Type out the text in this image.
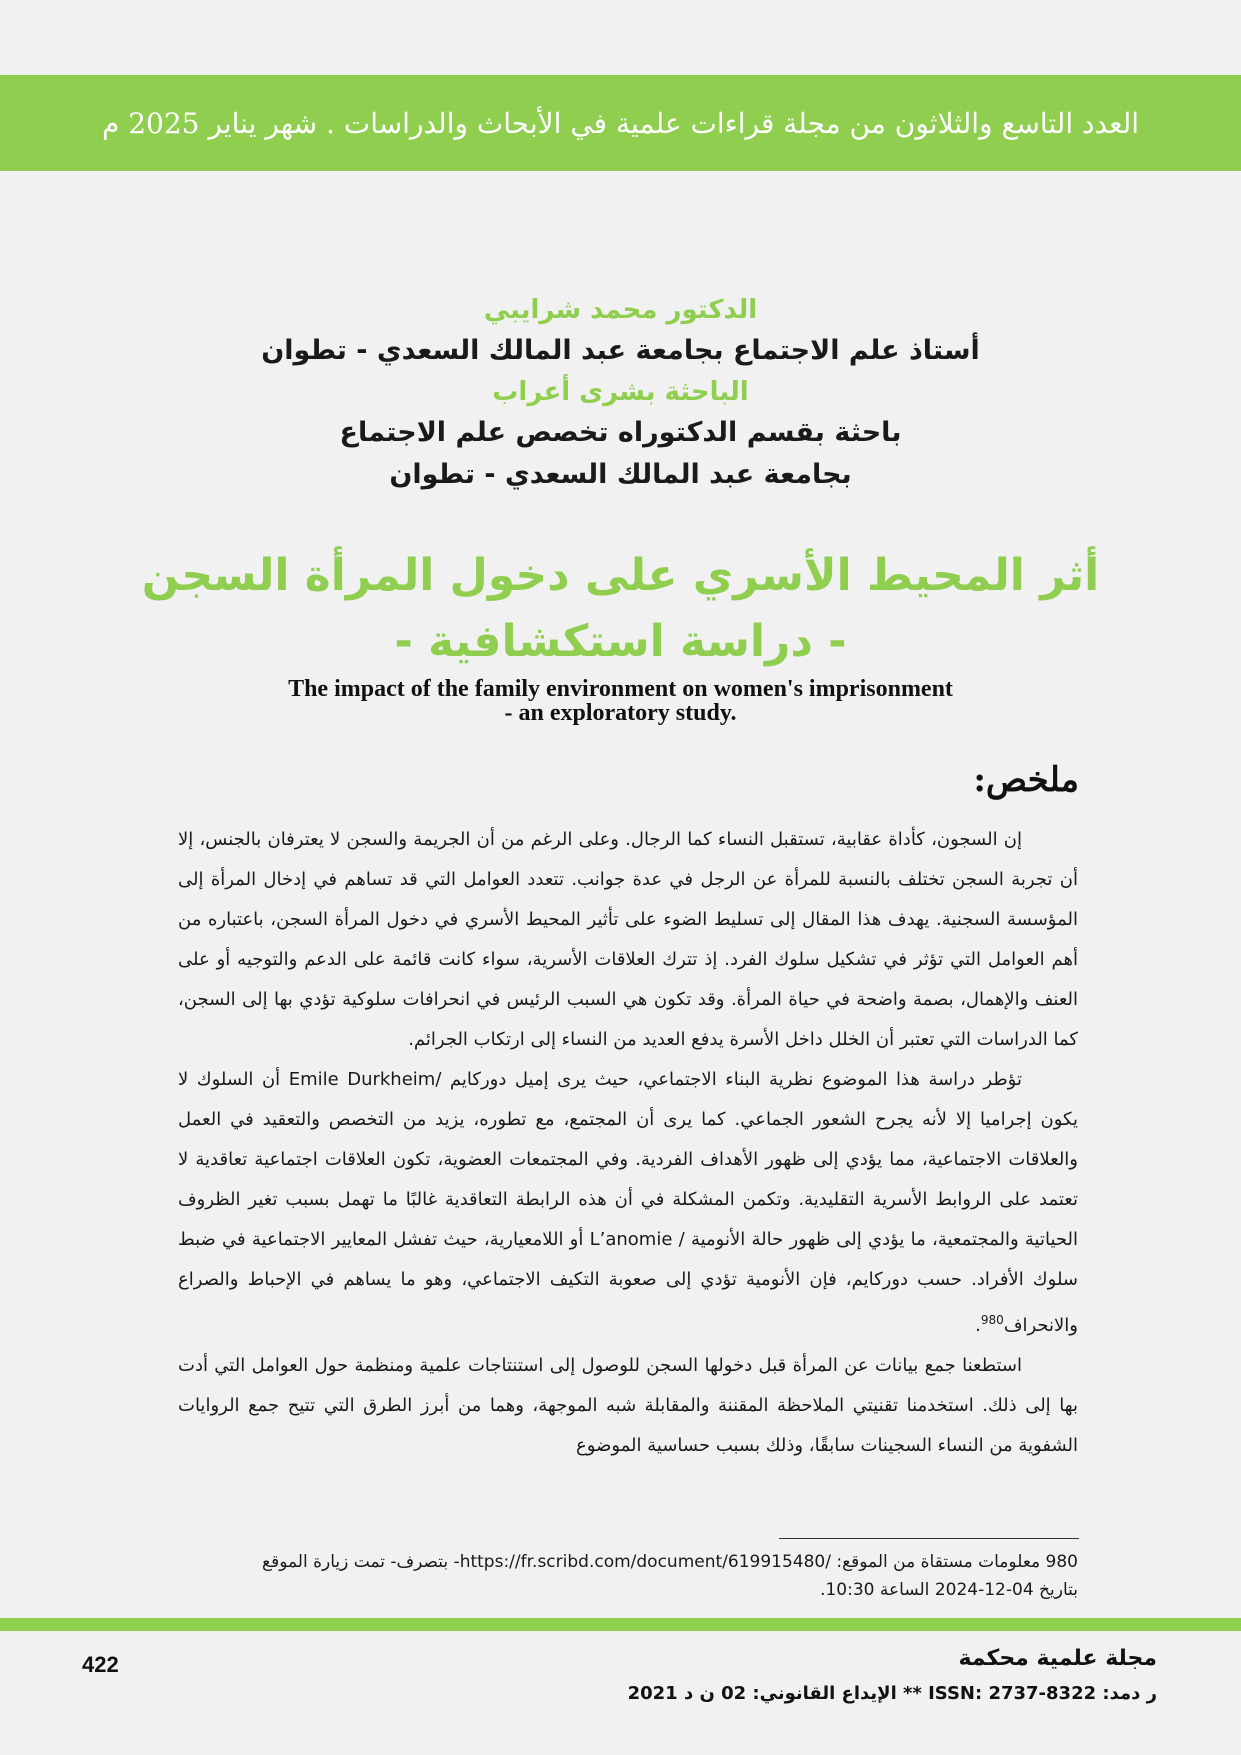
العدد التاسع والثلاثون من مجلة قراءات علمية في الأبحاث والدراسات . شهر يناير 2025 م
الدكتور محمد شرايبي
أستاذ علم الاجتماع بجامعة عبد المالك السعدي - تطوان
الباحثة بشرى أعراب
باحثة بقسم الدكتوراه تخصص علم الاجتماع
بجامعة عبد المالك السعدي - تطوان
أثر المحيط الأسري على دخول المرأة السجن
- دراسة استكشافية -
The impact of the family environment on women's imprisonment
- an exploratory study.
ملخص:

إن السجون، كأداة عقابية، تستقبل النساء كما الرجال. وعلى الرغم من أن الجريمة والسجن لا يعترفان بالجنس، إلا أن تجربة السجن تختلف بالنسبة للمرأة عن الرجل في عدة جوانب. تتعدد العوامل التي قد تساهم في إدخال المرأة إلى المؤسسة السجنية. يهدف هذا المقال إلى تسليط الضوء على تأثير المحيط الأسري في دخول المرأة السجن، باعتباره من أهم العوامل التي تؤثر في تشكيل سلوك الفرد. إذ تترك العلاقات الأسرية، سواء كانت قائمة على الدعم والتوجيه أو على العنف والإهمال، بصمة واضحة في حياة المرأة. وقد تكون هي السبب الرئيس في انحرافات سلوكية تؤدي بها إلى السجن، كما الدراسات التي تعتبر أن الخلل داخل الأسرة يدفع العديد من النساء إلى ارتكاب الجرائم.

تؤطر دراسة هذا الموضوع نظرية البناء الاجتماعي، حيث يرى إميل دوركايم /Emile Durkheim أن السلوك لا يكون إجراميا إلا لأنه يجرح الشعور الجماعي. كما يرى أن المجتمع، مع تطوره، يزيد من التخصص والتعقيد في العمل والعلاقات الاجتماعية، مما يؤدي إلى ظهور الأهداف الفردية. وفي المجتمعات العضوية، تكون العلاقات اجتماعية تعاقدية لا تعتمد على الروابط الأسرية التقليدية. وتكمن المشكلة في أن هذه الرابطة التعاقدية غالبًا ما تهمل بسبب تغير الظروف الحياتية والمجتمعية، ما يؤدي إلى ظهور حالة الأنومية / L’anomie أو اللامعيارية، حيث تفشل المعايير الاجتماعية في ضبط سلوك الأفراد. حسب دوركايم، فإن الأنومية تؤدي إلى صعوبة التكيف الاجتماعي، وهو ما يساهم في الإحباط والصراع والانحراف$^{980}$.

استطعنا جمع بيانات عن المرأة قبل دخولها السجن للوصول إلى استنتاجات علمية ومنظمة حول العوامل التي أدت بها إلى ذلك. استخدمنا تقنيتي الملاحظة المقننة والمقابلة شبه الموجهة، وهما من أبرز الطرق التي تتيح جمع الروايات الشفوية من النساء السجينات سابقًا، وذلك بسبب حساسية الموضوع

980 معلومات مستقاة من الموقع: /https://fr.scribd.com/document/619915480- بتصرف- تمت زيارة الموقع
بتاريخ 04-12-2024 الساعة 10:30.
422	مجلة علمية محكمة
ر دمد: ISSN: 2737-8322 ** الإيداع القانوني: 02 ن د 2021
